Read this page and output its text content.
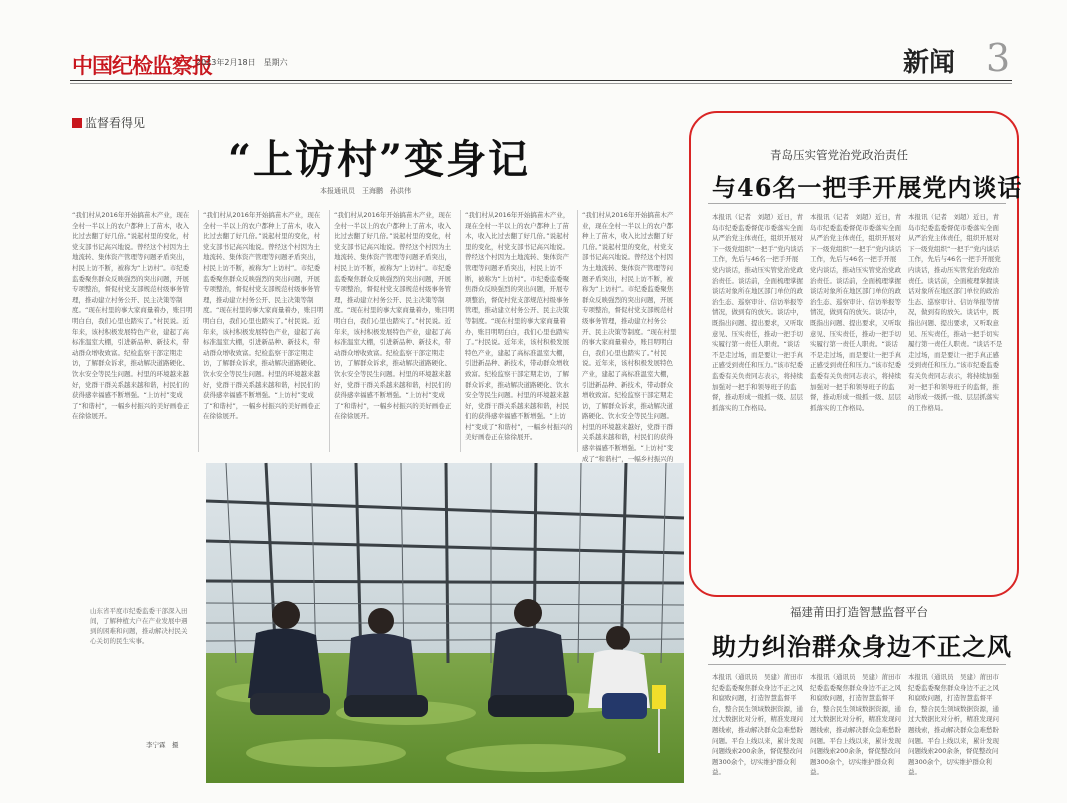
中国纪检监察报
2023年2月18日　星期六	新闻 3
监督看得见
“上访村”变身记
本报通讯员　王海鹏　孙洪伟
“我们村从2016年开始搞苗木产业，现在全村一半以上的农户都种上了苗木，收入比过去翻了好几倍。”说起村里的变化，村党支部书记高兴地说。曾经这个村因为土地流转、集体资产管理等问题矛盾突出，村民上访不断，被称为“上访村”。市纪委监委聚焦群众反映强烈的突出问题，开展专项整治，督促村党支部规范村级事务管理，推动建立村务公开、民主决策等制度。“现在村里的事大家商量着办，账目明明白白，我们心里也踏实了。”村民说。近年来，该村积极发展特色产业，建起了高标准温室大棚，引进新品种、新技术，带动群众增收致富。纪检监察干部定期走访，了解群众诉求，推动解决道路硬化、饮水安全等民生问题。村里的环境越来越好，党群干群关系越来越和谐，村民们的获得感幸福感不断增强。“上访村”变成了“和谐村”，一幅乡村振兴的美好画卷正在徐徐展开。
“我们村从2016年开始搞苗木产业，现在全村一半以上的农户都种上了苗木，收入比过去翻了好几倍。”说起村里的变化，村党支部书记高兴地说。曾经这个村因为土地流转、集体资产管理等问题矛盾突出，村民上访不断，被称为“上访村”。市纪委监委聚焦群众反映强烈的突出问题，开展专项整治，督促村党支部规范村级事务管理，推动建立村务公开、民主决策等制度。“现在村里的事大家商量着办，账目明明白白，我们心里也踏实了。”村民说。近年来，该村积极发展特色产业，建起了高标准温室大棚，引进新品种、新技术，带动群众增收致富。纪检监察干部定期走访，了解群众诉求，推动解决道路硬化、饮水安全等民生问题。村里的环境越来越好，党群干群关系越来越和谐，村民们的获得感幸福感不断增强。“上访村”变成了“和谐村”，一幅乡村振兴的美好画卷正在徐徐展开。
“我们村从2016年开始搞苗木产业，现在全村一半以上的农户都种上了苗木，收入比过去翻了好几倍。”说起村里的变化，村党支部书记高兴地说。曾经这个村因为土地流转、集体资产管理等问题矛盾突出，村民上访不断，被称为“上访村”。市纪委监委聚焦群众反映强烈的突出问题，开展专项整治，督促村党支部规范村级事务管理，推动建立村务公开、民主决策等制度。“现在村里的事大家商量着办，账目明明白白，我们心里也踏实了。”村民说。近年来，该村积极发展特色产业，建起了高标准温室大棚，引进新品种、新技术，带动群众增收致富。纪检监察干部定期走访，了解群众诉求，推动解决道路硬化、饮水安全等民生问题。村里的环境越来越好，党群干群关系越来越和谐，村民们的获得感幸福感不断增强。“上访村”变成了“和谐村”，一幅乡村振兴的美好画卷正在徐徐展开。
“我们村从2016年开始搞苗木产业，现在全村一半以上的农户都种上了苗木，收入比过去翻了好几倍。”说起村里的变化，村党支部书记高兴地说。曾经这个村因为土地流转、集体资产管理等问题矛盾突出，村民上访不断，被称为“上访村”。市纪委监委聚焦群众反映强烈的突出问题，开展专项整治，督促村党支部规范村级事务管理，推动建立村务公开、民主决策等制度。“现在村里的事大家商量着办，账目明明白白，我们心里也踏实了。”村民说。近年来，该村积极发展特色产业，建起了高标准温室大棚，引进新品种、新技术，带动群众增收致富。纪检监察干部定期走访，了解群众诉求，推动解决道路硬化、饮水安全等民生问题。村里的环境越来越好，党群干群关系越来越和谐，村民们的获得感幸福感不断增强。“上访村”变成了“和谐村”，一幅乡村振兴的美好画卷正在徐徐展开。
“我们村从2016年开始搞苗木产业，现在全村一半以上的农户都种上了苗木，收入比过去翻了好几倍。”说起村里的变化，村党支部书记高兴地说。曾经这个村因为土地流转、集体资产管理等问题矛盾突出，村民上访不断，被称为“上访村”。市纪委监委聚焦群众反映强烈的突出问题，开展专项整治，督促村党支部规范村级事务管理，推动建立村务公开、民主决策等制度。“现在村里的事大家商量着办，账目明明白白，我们心里也踏实了。”村民说。近年来，该村积极发展特色产业，建起了高标准温室大棚，引进新品种、新技术，带动群众增收致富。纪检监察干部定期走访，了解群众诉求，推动解决道路硬化、饮水安全等民生问题。村里的环境越来越好，党群干群关系越来越和谐，村民们的获得感幸福感不断增强。“上访村”变成了“和谐村”，一幅乡村振兴的
山东省平度市纪委监委干部深入田间，了解种植大户在产业发展中遇到的困难和问题，推动解决村民关心关切的民生实事。
李宁霖　摄
青岛压实管党治党政治责任
与46名一把手开展党内谈话
本报讯（记者　刘超）近日，青岛市纪委监委督促市委落实全面从严治党主体责任，组织开展对下一级党组织“一把手”党内谈话工作，先后与46名一把手开展党内谈话，推动压实管党治党政治责任。谈话前，全面梳理掌握谈话对象所在地区部门单位的政治生态、巡察审计、信访举报等情况，做到有的放矢。谈话中，既指出问题、提出要求，又听取意见、压实责任，推动一把手切实履行第一责任人职责。“谈话不是走过场，而是要让一把手真正感受到责任和压力。”该市纪委监委有关负责同志表示，将持续加强对一把手和领导班子的监督，推动形成一级抓一级、层层抓落实的工作格局。
本报讯（记者　刘超）近日，青岛市纪委监委督促市委落实全面从严治党主体责任，组织开展对下一级党组织“一把手”党内谈话工作，先后与46名一把手开展党内谈话，推动压实管党治党政治责任。谈话前，全面梳理掌握谈话对象所在地区部门单位的政治生态、巡察审计、信访举报等情况，做到有的放矢。谈话中，既指出问题、提出要求，又听取意见、压实责任，推动一把手切实履行第一责任人职责。“谈话不是走过场，而是要让一把手真正感受到责任和压力。”该市纪委监委有关负责同志表示，将持续加强对一把手和领导班子的监督，推动形成一级抓一级、层层抓落实的工作格局。
本报讯（记者　刘超）近日，青岛市纪委监委督促市委落实全面从严治党主体责任，组织开展对下一级党组织“一把手”党内谈话工作，先后与46名一把手开展党内谈话，推动压实管党治党政治责任。谈话前，全面梳理掌握谈话对象所在地区部门单位的政治生态、巡察审计、信访举报等情况，做到有的放矢。谈话中，既指出问题、提出要求，又听取意见、压实责任，推动一把手切实履行第一责任人职责。“谈话不是走过场，而是要让一把手真正感受到责任和压力。”该市纪委监委有关负责同志表示，将持续加强对一把手和领导班子的监督，推动形成一级抓一级、层层抓落实的工作格局。
福建莆田打造智慧监督平台
助力纠治群众身边不正之风
本报讯（通讯员　吴建）莆田市纪委监委聚焦群众身边不正之风和腐败问题，打造智慧监督平台，整合民生领域数据资源，通过大数据比对分析，精准发现问题线索，推动解决群众急难愁盼问题。平台上线以来，累计发现问题线索200余条，督促整改问题300余个，切实维护群众利益。
本报讯（通讯员　吴建）莆田市纪委监委聚焦群众身边不正之风和腐败问题，打造智慧监督平台，整合民生领域数据资源，通过大数据比对分析，精准发现问题线索，推动解决群众急难愁盼问题。平台上线以来，累计发现问题线索200余条，督促整改问题300余个，切实维护群众利益。
本报讯（通讯员　吴建）莆田市纪委监委聚焦群众身边不正之风和腐败问题，打造智慧监督平台，整合民生领域数据资源，通过大数据比对分析，精准发现问题线索，推动解决群众急难愁盼问题。平台上线以来，累计发现问题线索200余条，督促整改问题300余个，切实维护群众利益。
